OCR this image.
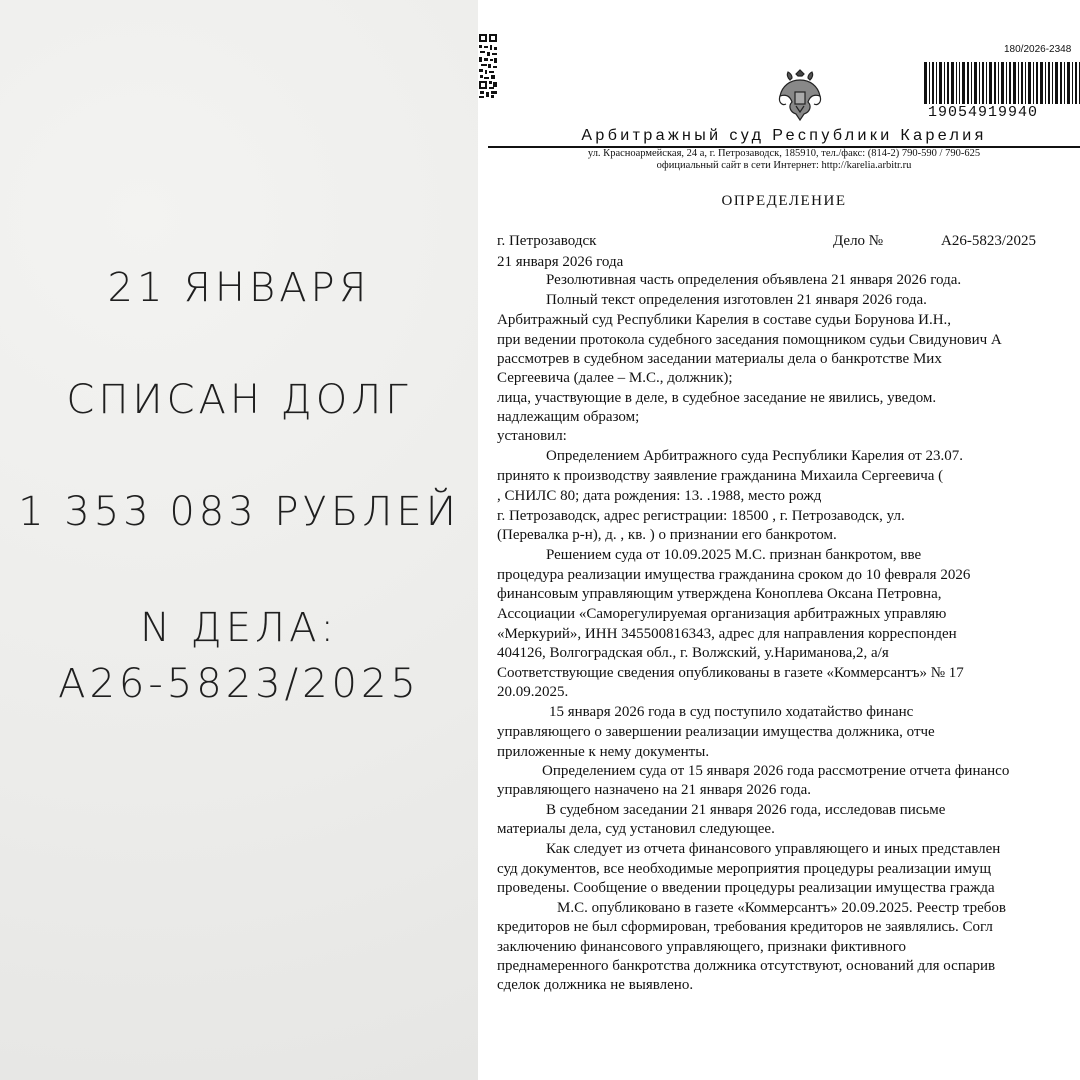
21 ЯНВАРЯ
СПИСАН ДОЛГ
1 353 083 РУБЛЕЙ
N ДЕЛА:
А26-5823/2025
180/2026-2348
19054919940
Арбитражный суд Республики Карелия
ул. Красноармейская, 24 а, г. Петрозаводск, 185910, тел./факс: (814-2) 790-590 / 790-625
официальный сайт в сети Интернет: http://karelia.arbitr.ru
ОПРЕДЕЛЕНИЕ
г. Петрозаводск	Дело №	А26-5823/2025
21 января 2026 года
Резолютивная часть определения объявлена 21 января 2026 года.
Полный текст определения изготовлен 21 января 2026 года.
Арбитражный суд Республики Карелия в составе судьи Борунова И.Н.,
при ведении протокола судебного заседания помощником судьи Свидунович А
рассмотрев в судебном заседании материалы дела о банкротстве Мих
Сергеевича (далее – М.С., должник);
лица, участвующие в деле, в судебное заседание не явились, уведом.
надлежащим образом;
установил:
Определением Арбитражного суда Республики Карелия от 23.07.
принято к производству заявление гражданина Михаила Сергеевича (
, СНИЛС 80; дата рождения: 13. .1988, место рожд
г. Петрозаводск, адрес регистрации: 18500 , г. Петрозаводск, ул.
(Перевалка р-н), д. , кв. ) о признании его банкротом.
Решением суда от 10.09.2025 М.С. признан банкротом, вве
процедура реализации имущества гражданина сроком до 10 февраля 2026
финансовым управляющим утверждена Коноплева Оксана Петровна,
Ассоциации «Саморегулируемая организация арбитражных управляю
«Меркурий», ИНН 345500816343, адрес для направления корреспонден
404126, Волгоградская обл., г. Волжский, у.Нариманова,2, а/я
Соответствующие сведения опубликованы в газете «Коммерсантъ» № 17
20.09.2025.
15 января 2026 года в суд поступило ходатайство финанс
управляющего о завершении реализации имущества должника, отче
приложенные к нему документы.
Определением суда от 15 января 2026 года рассмотрение отчета финансо
управляющего назначено на 21 января 2026 года.
В судебном заседании 21 января 2026 года, исследовав письме
материалы дела, суд установил следующее.
Как следует из отчета финансового управляющего и иных представлен
суд документов, все необходимые мероприятия процедуры реализации имущ
проведены. Сообщение о введении процедуры реализации имущества гражда
М.С. опубликовано в газете «Коммерсантъ» 20.09.2025. Реестр требов
кредиторов не был сформирован, требования кредиторов не заявлялись. Согл
заключению финансового управляющего, признаки фиктивного
преднамеренного банкротства должника отсутствуют, оснований для оспарив
сделок должника не выявлено.
